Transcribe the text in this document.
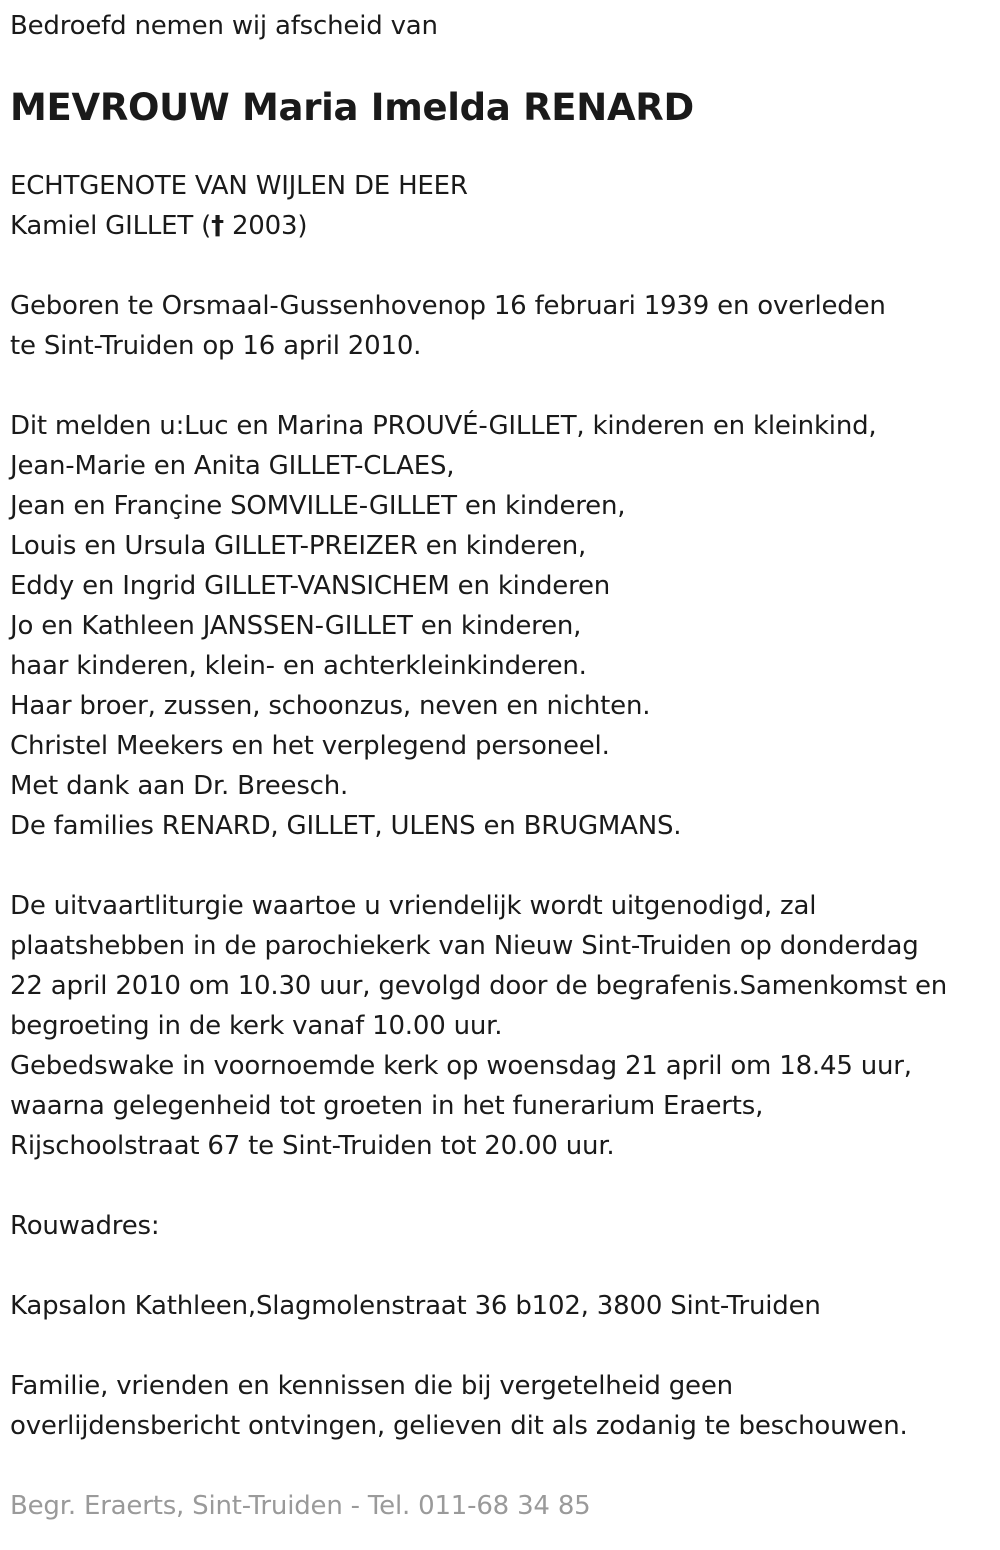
Bedroefd nemen wij afscheid van
MEVROUW Maria Imelda RENARD
ECHTGENOTE VAN WIJLEN DE HEER
Kamiel GILLET († 2003)
Geboren te Orsmaal-Gussenhovenop 16 februari 1939 en overleden
te Sint-Truiden op 16 april 2010.
Dit melden u:Luc en Marina PROUVÉ-GILLET, kinderen en kleinkind,
Jean-Marie en Anita GILLET-CLAES,
Jean en Françine SOMVILLE-GILLET en kinderen,
Louis en Ursula GILLET-PREIZER en kinderen,
Eddy en Ingrid GILLET-VANSICHEM en kinderen
Jo en Kathleen JANSSEN-GILLET en kinderen,
haar kinderen, klein- en achterkleinkinderen.
Haar broer, zussen, schoonzus, neven en nichten.
Christel Meekers en het verplegend personeel.
Met dank aan Dr. Breesch.
De families RENARD, GILLET, ULENS en BRUGMANS.
De uitvaartliturgie waartoe u vriendelijk wordt uitgenodigd, zal
plaatshebben in de parochiekerk van Nieuw Sint-Truiden op donderdag
22 april 2010 om 10.30 uur, gevolgd door de begrafenis.Samenkomst en
begroeting in de kerk vanaf 10.00 uur.
Gebedswake in voornoemde kerk op woensdag 21 april om 18.45 uur,
waarna gelegenheid tot groeten in het funerarium Eraerts,
Rijschoolstraat 67 te Sint-Truiden tot 20.00 uur.
Rouwadres:
Kapsalon Kathleen,Slagmolenstraat 36 b102, 3800 Sint-Truiden
Familie, vrienden en kennissen die bij vergetelheid geen
overlijdensbericht ontvingen, gelieven dit als zodanig te beschouwen.
Begr. Eraerts, Sint-Truiden - Tel. 011-68 34 85
